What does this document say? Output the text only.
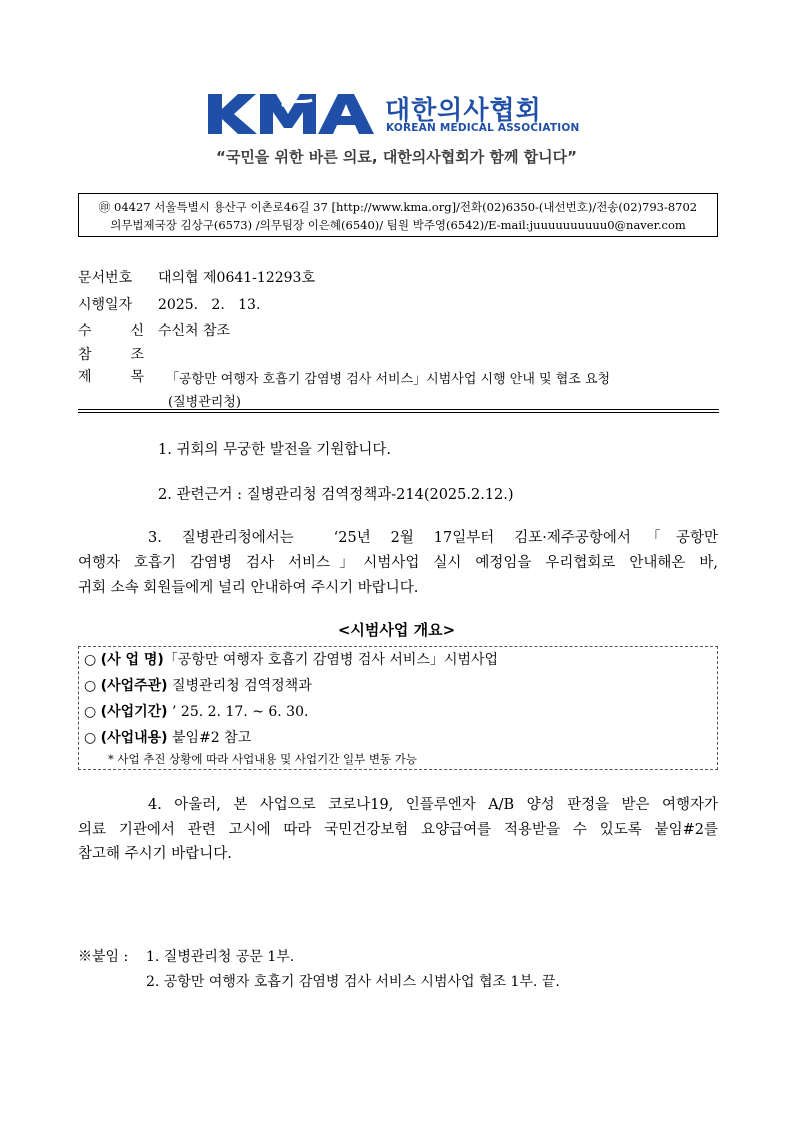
대한의사협회
KOREAN MEDICAL ASSOCIATION
“국민을 위한 바른 의료, 대한의사협회가 함께 합니다”
㊞ 04427 서울특별시 용산구 이촌로46길 37 [http://www.kma.org]/전화(02)6350-(내선번호)/전송(02)793-8702
의무법제국장 김상구(6573) /의무팀장 이은혜(6540)/ 팀원 박주영(6542)/E-mail:juuuuuuuuuu0@naver.com
문서번호 대의협 제0641-12293호
시행일자 2025.   2.   13.
수 신 수신처 참조
참 조
제 목	「공항만 여행자 호흡기 감염병 검사 서비스」시범사업 시행 안내 및 협조 요청
(질병관리청)
1. 귀회의 무궁한 발전을 기원합니다.
2. 관련근거 : 질병관리청 검역정책과-214(2025.2.12.)
3. 질병관리청에서는  ‘25년 2월 17일부터 김포·제주공항에서「공항만
여행자 호흡기 감염병 검사 서비스」시범사업 실시 예정임을 우리협회로 안내해온 바,
귀회 소속 회원들에게 널리 안내하여 주시기 바랍니다.
<시범사업 개요>
○ (사 업 명)「공항만 여행자 호흡기 감염병 검사 서비스」시범사업
○ (사업주관) 질병관리청 검역정책과
○ (사업기간) ’ 25. 2. 17. ~ 6. 30.
○ (사업내용) 붙임#2 참고
* 사업 추진 상황에 따라 사업내용 및 사업기간 일부 변동 가능
4. 아울러, 본 사업으로 코로나19, 인플루엔자 A/B 양성 판정을 받은 여행자가
의료 기관에서 관련 고시에 따라 국민건강보험 요양급여를 적용받을 수 있도록 붙임#2를
참고해 주시기 바랍니다.
※붙임 : 1. 질병관리청 공문 1부.
2. 공항만 여행자 호흡기 감염병 검사 서비스 시범사업 협조 1부. 끝.
